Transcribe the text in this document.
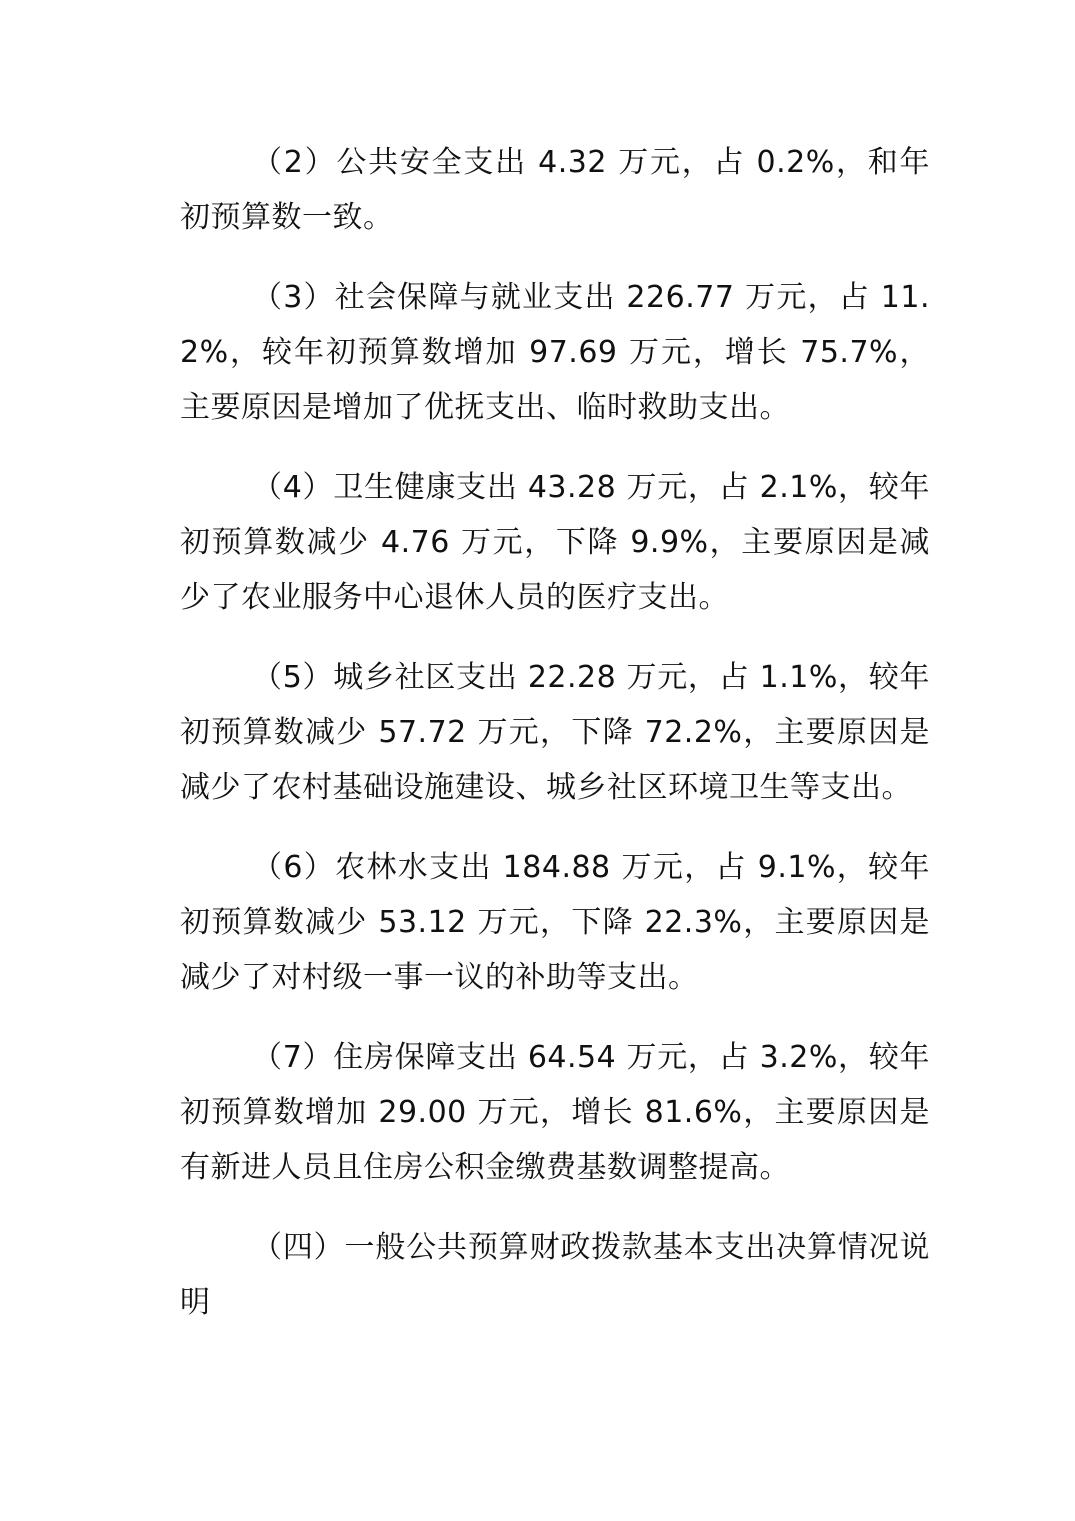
（2）公共安全支出 4.32 万元，占 0.2%，和年初预算数一致。

（3）社会保障与就业支出 226.77 万元，占 11.2%，较年初预算数增加 97.69 万元，增长 75.7%，主要原因是增加了优抚支出、临时救助支出。

（4）卫生健康支出 43.28 万元，占 2.1%，较年初预算数减少 4.76 万元，下降 9.9%，主要原因是减少了农业服务中心退休人员的医疗支出。

（5）城乡社区支出 22.28 万元，占 1.1%，较年初预算数减少 57.72 万元，下降 72.2%，主要原因是减少了农村基础设施建设、城乡社区环境卫生等支出。

（6）农林水支出 184.88 万元，占 9.1%，较年初预算数减少 53.12 万元，下降 22.3%，主要原因是减少了对村级一事一议的补助等支出。

（7）住房保障支出 64.54 万元，占 3.2%，较年初预算数增加 29.00 万元，增长 81.6%，主要原因是有新进人员且住房公积金缴费基数调整提高。

（四）一般公共预算财政拨款基本支出决算情况说明
